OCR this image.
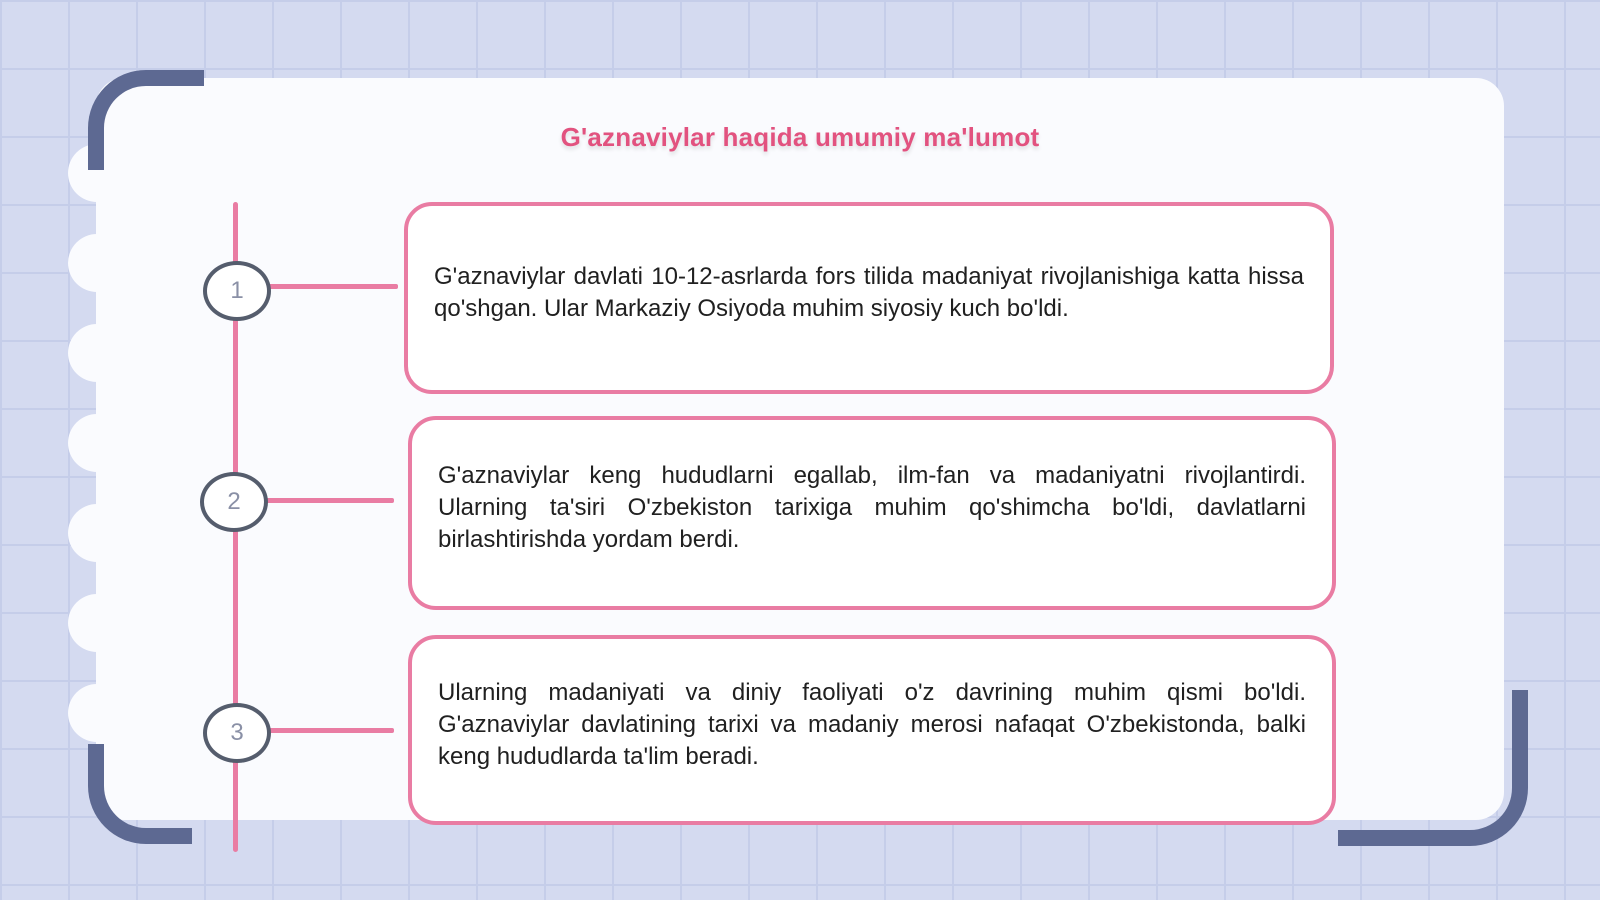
G'aznaviylar haqida umumiy ma'lumot
1

G'aznaviylar davlati 10-12-asrlarda fors tilida madaniyat rivojlanishiga katta hissa qo'shgan. Ular Markaziy Osiyoda muhim siyosiy kuch bo'ldi.

2

G'aznaviylar keng hududlarni egallab, ilm-fan va madaniyatni rivojlantirdi. Ularning ta'siri O'zbekiston tarixiga muhim qo'shimcha bo'ldi, davlatlarni birlashtirishda yordam berdi.

3

Ularning madaniyati va diniy faoliyati o'z davrining muhim qismi bo'ldi. G'aznaviylar davlatining tarixi va madaniy merosi nafaqat O'zbekistonda, balki keng hududlarda ta'lim beradi.
